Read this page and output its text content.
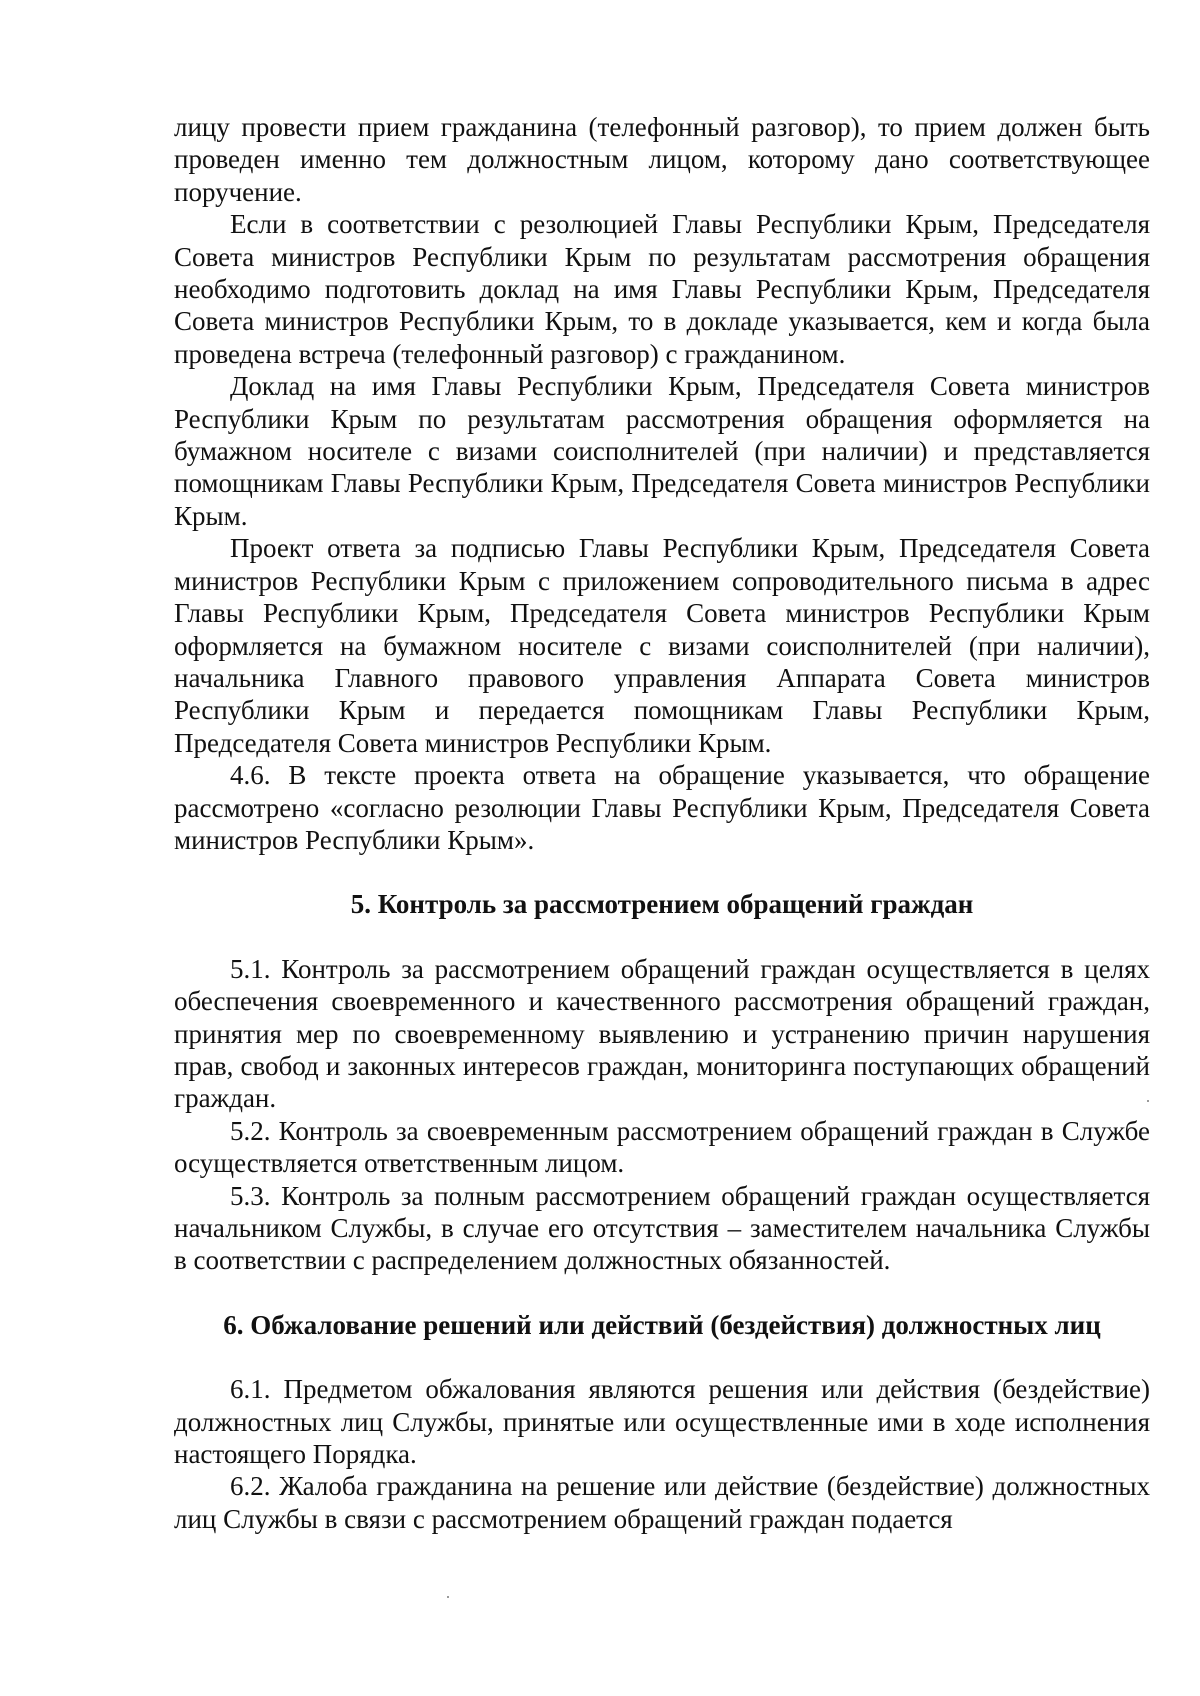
лицу провести прием гражданина (телефонный разговор), то прием должен быть проведен именно тем должностным лицом, которому дано соответствующее поручение.

Если в соответствии с резолюцией Главы Республики Крым, Председателя Совета министров Республики Крым по результатам рассмотрения обращения необходимо подготовить доклад на имя Главы Республики Крым, Председателя Совета министров Республики Крым, то в докладе указывается, кем и когда была проведена встреча (телефонный разговор) с гражданином.

Доклад на имя Главы Республики Крым, Председателя Совета министров Республики Крым по результатам рассмотрения обращения оформляется на бумажном носителе с визами соисполнителей (при наличии) и представляется помощникам Главы Республики Крым, Председателя Совета министров Республики Крым.

Проект ответа за подписью Главы Республики Крым, Председателя Совета министров Республики Крым с приложением сопроводительного письма в адрес Главы Республики Крым, Председателя Совета министров Республики Крым оформляется на бумажном носителе с визами соисполнителей (при наличии), начальника Главного правового управления Аппарата Совета министров Республики Крым и передается помощникам Главы Республики Крым, Председателя Совета министров Республики Крым.

4.6. В тексте проекта ответа на обращение указывается, что обращение рассмотрено «согласно резолюции Главы Республики Крым, Председателя Совета министров Республики Крым».

5. Контроль за рассмотрением обращений граждан

5.1. Контроль за рассмотрением обращений граждан осуществляется в целях обеспечения своевременного и качественного рассмотрения обращений граждан, принятия мер по своевременному выявлению и устранению причин нарушения прав, свобод и законных интересов граждан, мониторинга поступающих обращений граждан.

5.2. Контроль за своевременным рассмотрением обращений граждан в Службе осуществляется ответственным лицом.

5.3. Контроль за полным рассмотрением обращений граждан осуществляется начальником Службы, в случае его отсутствия – заместителем начальника Службы в соответствии с распределением должностных обязанностей.

6. Обжалование решений или действий (бездействия) должностных лиц

6.1. Предметом обжалования являются решения или действия (бездействие) должностных лиц Службы, принятые или осуществленные ими в ходе исполнения настоящего Порядка.

6.2. Жалоба гражданина на решение или действие (бездействие) должностных лиц Службы в связи с рассмотрением обращений граждан подается
